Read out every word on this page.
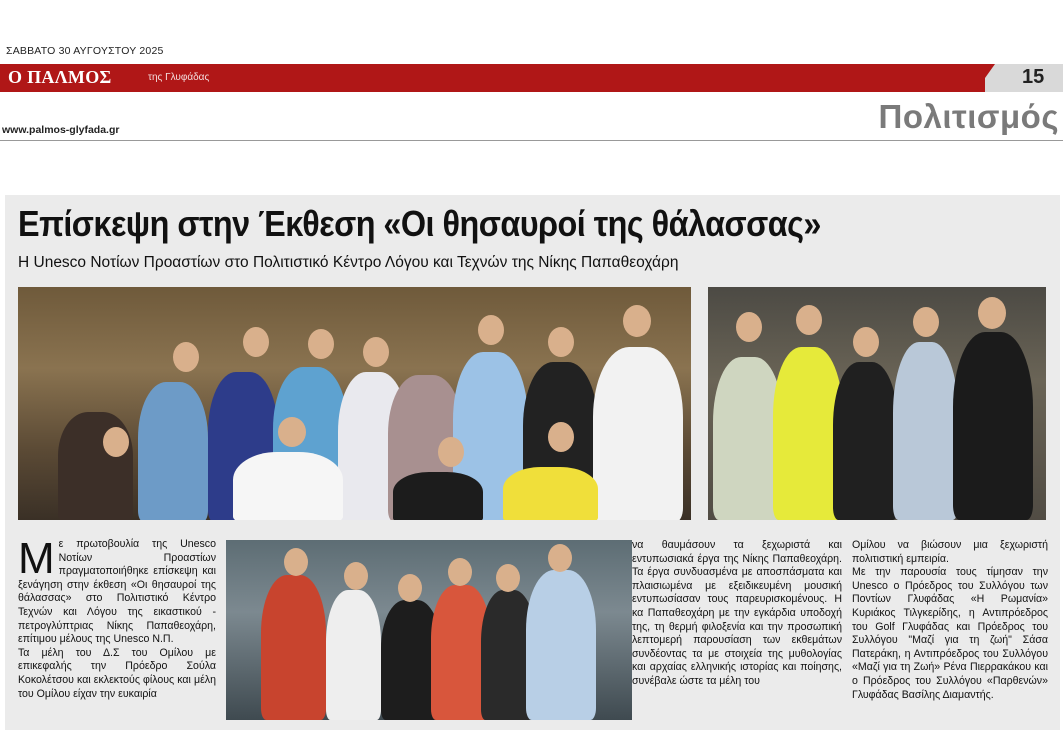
ΣΑΒΒΑΤΟ 30 ΑΥΓΟΥΣΤΟΥ 2025
Ο ΠΑΛΜΟΣ	της Γλυφάδας	15
www.palmos-glyfada.gr	Πολιτισμός
Επίσκεψη στην Έκθεση «Οι θησαυροί της θάλασσας»
Η Unesco Νοτίων Προαστίων στο Πολιτιστικό Κέντρο Λόγου και Τεχνών της Νίκης Παπαθεοχάρη
Μ ε πρωτοβουλία της Unesco Νοτίων Προαστίων πραγματοποιήθηκε επίσκεψη και ξενάγηση στην έκθεση «Οι θησαυροί της θάλασσας» στο Πολιτιστικό Κέντρο Τεχνών και Λόγου της εικαστικού - πετρογλύπτριας Νίκης Παπαθεοχάρη, επίτιμου μέλους της Unesco Ν.Π.
Τα μέλη του Δ.Σ του Ομίλου με επικεφαλής την Πρόεδρο Σούλα Κοκολέτσου και εκλεκτούς φίλους και μέλη του Ομίλου είχαν την ευκαιρία
να θαυμάσουν τα ξεχωριστά και εντυπωσιακά έργα της Νίκης Παπαθεοχάρη. Τα έργα συνδυασμένα με αποσπάσματα και πλαισιωμένα με εξειδικευμένη μουσική εντυπωσίασαν τους παρευρισκομένους. Η κα Παπαθεοχάρη με την εγκάρδια υποδοχή της, τη θερμή φιλοξενία και την προσωπική λεπτομερή παρουσίαση των εκθεμάτων συνδέοντας τα με στοιχεία της μυθολογίας και αρχαίας ελληνικής ιστορίας και ποίησης, συνέβαλε ώστε τα μέλη του
Ομίλου να βιώσουν μια ξεχωριστή πολιτιστική εμπειρία.
Με την παρουσία τους τίμησαν την Unesco ο Πρόεδρος του Συλλόγου των Ποντίων Γλυφάδας «Η Ρωμανία» Κυριάκος Τιλγκερίδης, η Αντιπρόεδρος του Golf Γλυφάδας και Πρόεδρος του Συλλόγου "Μαζί για τη ζωή" Σάσα Πατεράκη, η Αντιπρόεδρος του Συλλόγου «Μαζί για τη Ζωή» Ρένα Πιερρακάκου και ο Πρόεδρος του Συλλόγου «Παρθενών» Γλυφάδας Βασίλης Διαμαντής.
